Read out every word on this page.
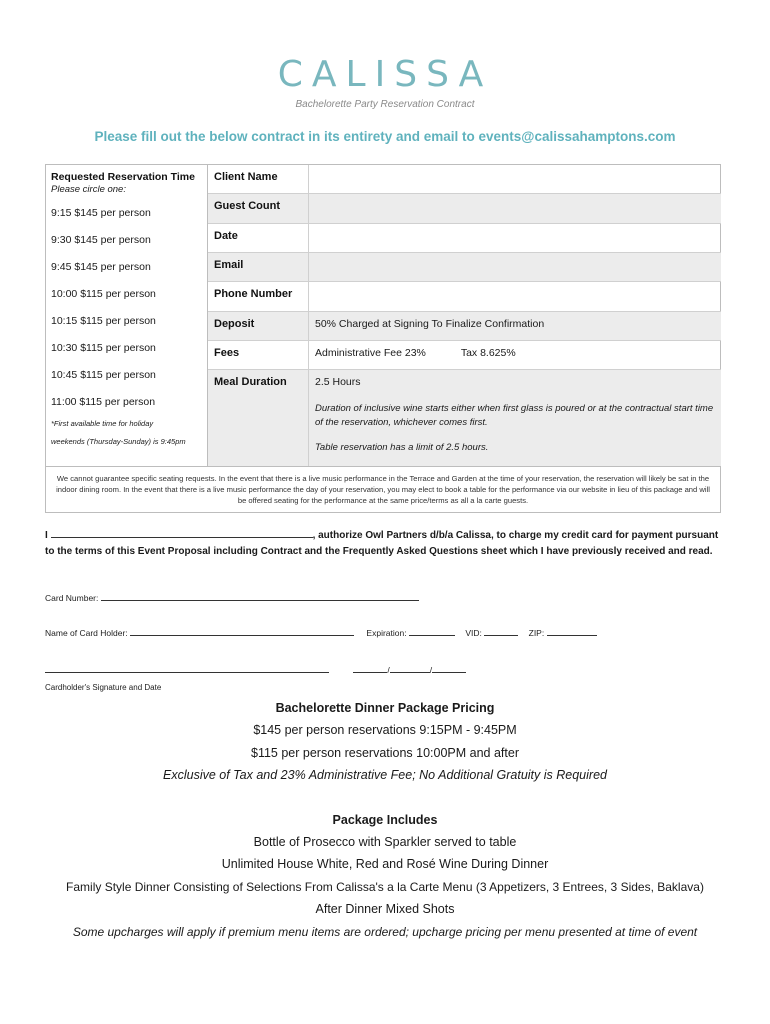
CALISSA
Bachelorette Party Reservation Contract
Please fill out the below contract in its entirety and email to events@calissahamptons.com
Requested Reservation Time
Please circle one:
9:15 $145 per person
9:30 $145 per person
9:45 $145 per person
10:00 $115 per person
10:15 $115 per person
10:30 $115 per person
10:45 $115 per person
11:00 $115 per person
*First available time for holiday
weekends (Thursday-Sunday) is 9:45pm
Client Name
Guest Count
Date
Email
Phone Number
Deposit	50% Charged at Signing To Finalize Confirmation
Fees	Administrative Fee 23%	Tax 8.625%
Meal Duration	2.5 Hours
Duration of inclusive wine starts either when first glass is poured or at the contractual start time of the reservation, whichever comes first.
Table reservation has a limit of 2.5 hours.
We cannot guarantee specific seating requests. In the event that there is a live music performance in the Terrace and Garden at the time of your reservation, the reservation will likely be sat in the indoor dining room. In the event that there is a live music performance the day of your reservation, you may elect to book a table for the performance via our website in lieu of this package and will be offered seating for the performance at the same price/terms as all a la carte guests.
I	, authorize Owl Partners d/b/a Calissa, to charge my credit card for payment pursuant to the terms of this Event Proposal including Contract and the Frequently Asked Questions sheet which I have previously received and read.
Card Number:
Name of Card Holder:	Expiration:	VID:	ZIP:
/	/
Cardholder's Signature and Date
Bachelorette Dinner Package Pricing
$145 per person reservations 9:15PM - 9:45PM
$115 per person reservations 10:00PM and after
Exclusive of Tax and 23% Administrative Fee; No Additional Gratuity is Required
Package Includes
Bottle of Prosecco with Sparkler served to table
Unlimited House White, Red and Rosé Wine During Dinner
Family Style Dinner Consisting of Selections From Calissa's a la Carte Menu (3 Appetizers, 3 Entrees, 3 Sides, Baklava)
After Dinner Mixed Shots
Some upcharges will apply if premium menu items are ordered; upcharge pricing per menu presented at time of event
